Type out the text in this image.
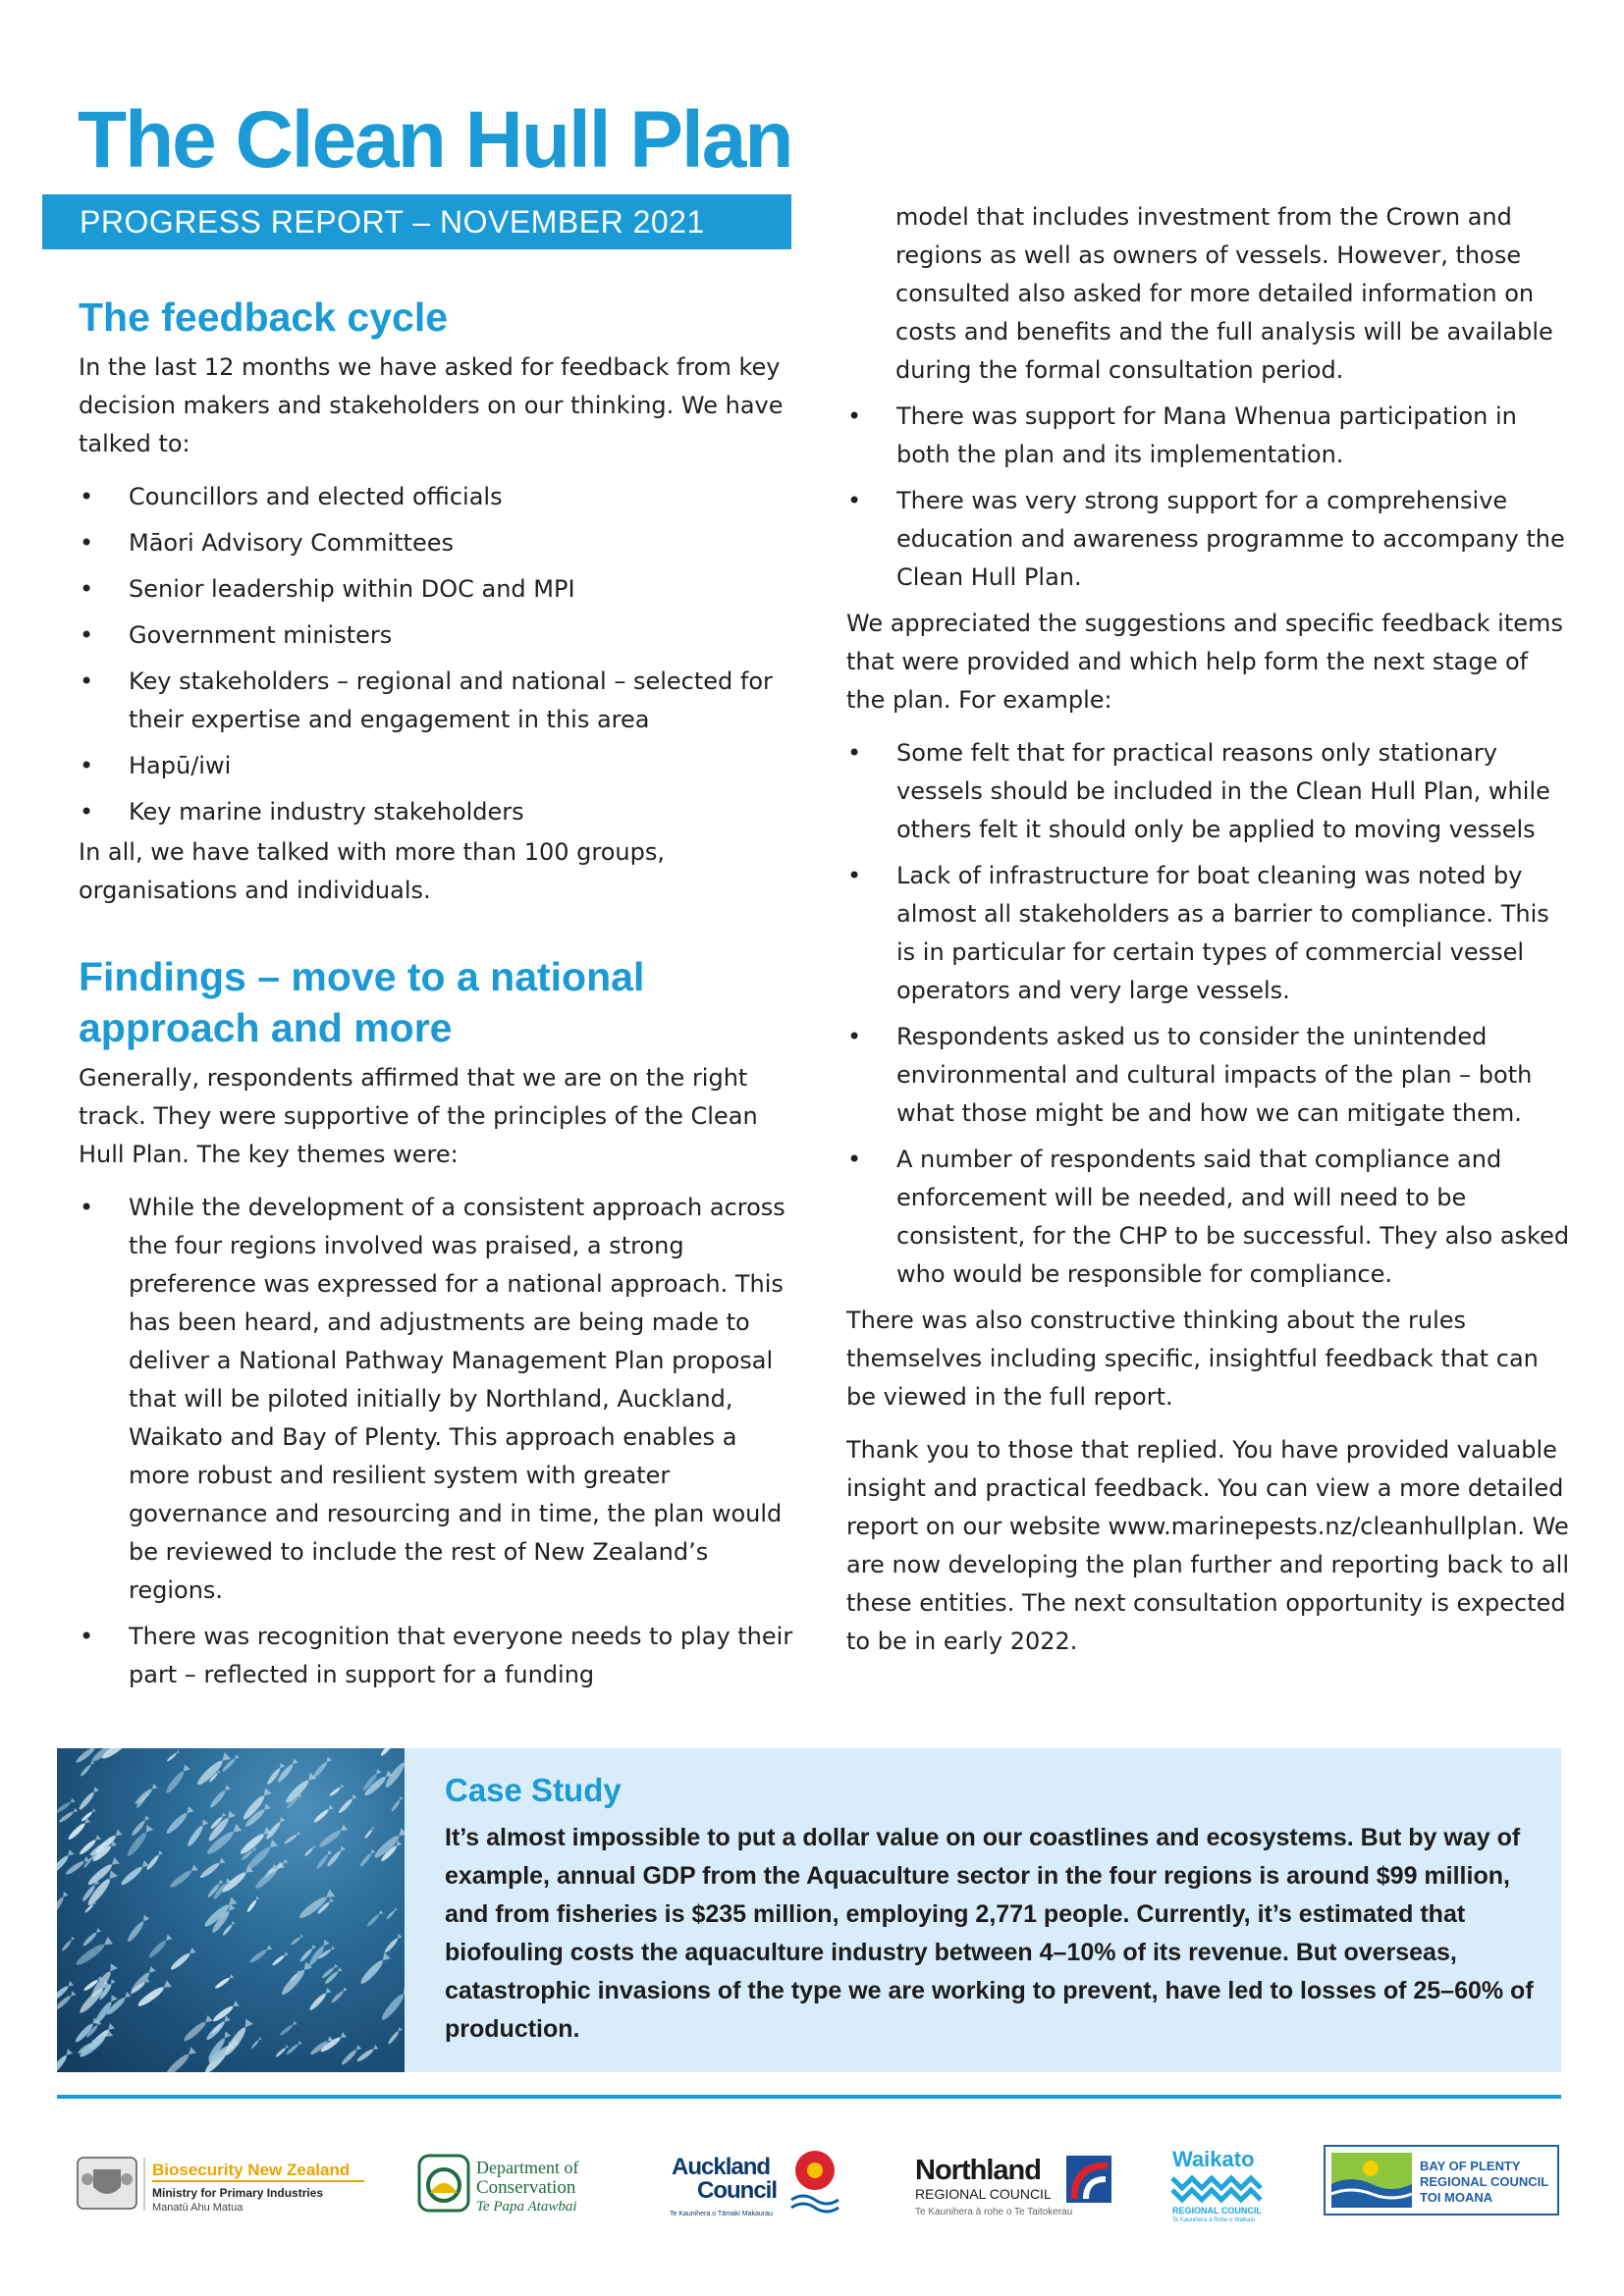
The Clean Hull Plan
PROGRESS REPORT – NOVEMBER 2021
The feedback cycle

In the last 12 months we have asked for feedback from key decision makers and stakeholders on our thinking. We have talked to:

• Councillors and elected officials
• Māori Advisory Committees
• Senior leadership within DOC and MPI
• Government ministers
• Key stakeholders – regional and national – selected for their expertise and engagement in this area
• Hapū/iwi
• Key marine industry stakeholders

In all, we have talked with more than 100 groups, organisations and individuals.

Findings – move to a national approach and more

Generally, respondents affirmed that we are on the right track. They were supportive of the principles of the Clean Hull Plan. The key themes were:

• While the development of a consistent approach across the four regions involved was praised, a strong preference was expressed for a national approach. This has been heard, and adjustments are being made to deliver a National Pathway Management Plan proposal that will be piloted initially by Northland, Auckland, Waikato and Bay of Plenty. This approach enables a more robust and resilient system with greater governance and resourcing and in time, the plan would be reviewed to include the rest of New Zealand’s regions.
• There was recognition that everyone needs to play their part – reflected in support for a funding

model that includes investment from the Crown and regions as well as owners of vessels. However, those consulted also asked for more detailed information on costs and benefits and the full analysis will be available during the formal consultation period.

• There was support for Mana Whenua participation in both the plan and its implementation.
• There was very strong support for a comprehensive education and awareness programme to accompany the Clean Hull Plan.

We appreciated the suggestions and specific feedback items that were provided and which help form the next stage of the plan. For example:

• Some felt that for practical reasons only stationary vessels should be included in the Clean Hull Plan, while others felt it should only be applied to moving vessels
• Lack of infrastructure for boat cleaning was noted by almost all stakeholders as a barrier to compliance. This is in particular for certain types of commercial vessel operators and very large vessels.
• Respondents asked us to consider the unintended environmental and cultural impacts of the plan – both what those might be and how we can mitigate them.
• A number of respondents said that compliance and enforcement will be needed, and will need to be consistent, for the CHP to be successful. They also asked who would be responsible for compliance.

There was also constructive thinking about the rules themselves including specific, insightful feedback that can be viewed in the full report.

Thank you to those that replied. You have provided valuable insight and practical feedback. You can view a more detailed report on our website www.marinepests.nz/cleanhullplan. We are now developing the plan further and reporting back to all these entities. The next consultation opportunity is expected to be in early 2022.

Case Study
It’s almost impossible to put a dollar value on our coastlines and ecosystems. But by way of example, annual GDP from the Aquaculture sector in the four regions is around $99 million, and from fisheries is $235 million, employing 2,771 people. Currently, it’s estimated that biofouling costs the aquaculture industry between 4–10% of its revenue. But overseas, catastrophic invasions of the type we are working to prevent, have led to losses of 25–60% of production.
Biosecurity New Zealand
Ministry for Primary Industries
Manatū Ahu Matua
Department of
Conservation
Te Papa Atawbai
Auckland
Council
Te Kaunihera o Tāmaki Makaurau
Northland
REGIONAL COUNCIL
Te Kaunihera ā rohe o Te Taitokerau
Waikato
REGIONAL COUNCIL
Te Kaunihera ā Rohe o Waikato
BAY OF PLENTY
REGIONAL COUNCIL
TOI MOANA
